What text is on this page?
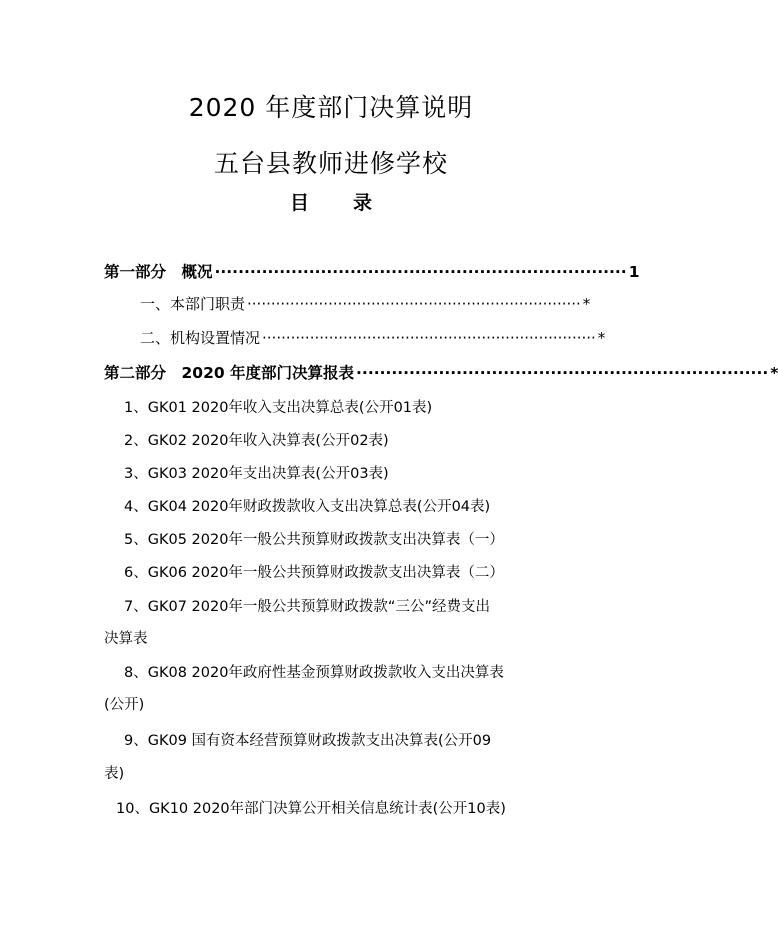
2020 年度部门决算说明
五台县教师进修学校
目 录
第一部分　概况 ······································································ 1
一、本部门职责 ······································································ *
二、机构设置情况 ······································································ *
第二部分　2020 年度部门决算报表 ······································································ *
1、GK01 2020年收入支出决算总表(公开01表)
2、GK02 2020年收入决算表(公开02表)
3、GK03 2020年支出决算表(公开03表)
4、GK04 2020年财政拨款收入支出决算总表(公开04表)
5、GK05 2020年一般公共预算财政拨款支出决算表（一）
6、GK06 2020年一般公共预算财政拨款支出决算表（二）
7、GK07 2020年一般公共预算财政拨款“三公”经费支出
决算表
8、GK08 2020年政府性基金预算财政拨款收入支出决算表
(公开)
9、GK09 国有资本经营预算财政拨款支出决算表(公开09
表)
10、GK10 2020年部门决算公开相关信息统计表(公开10表)
